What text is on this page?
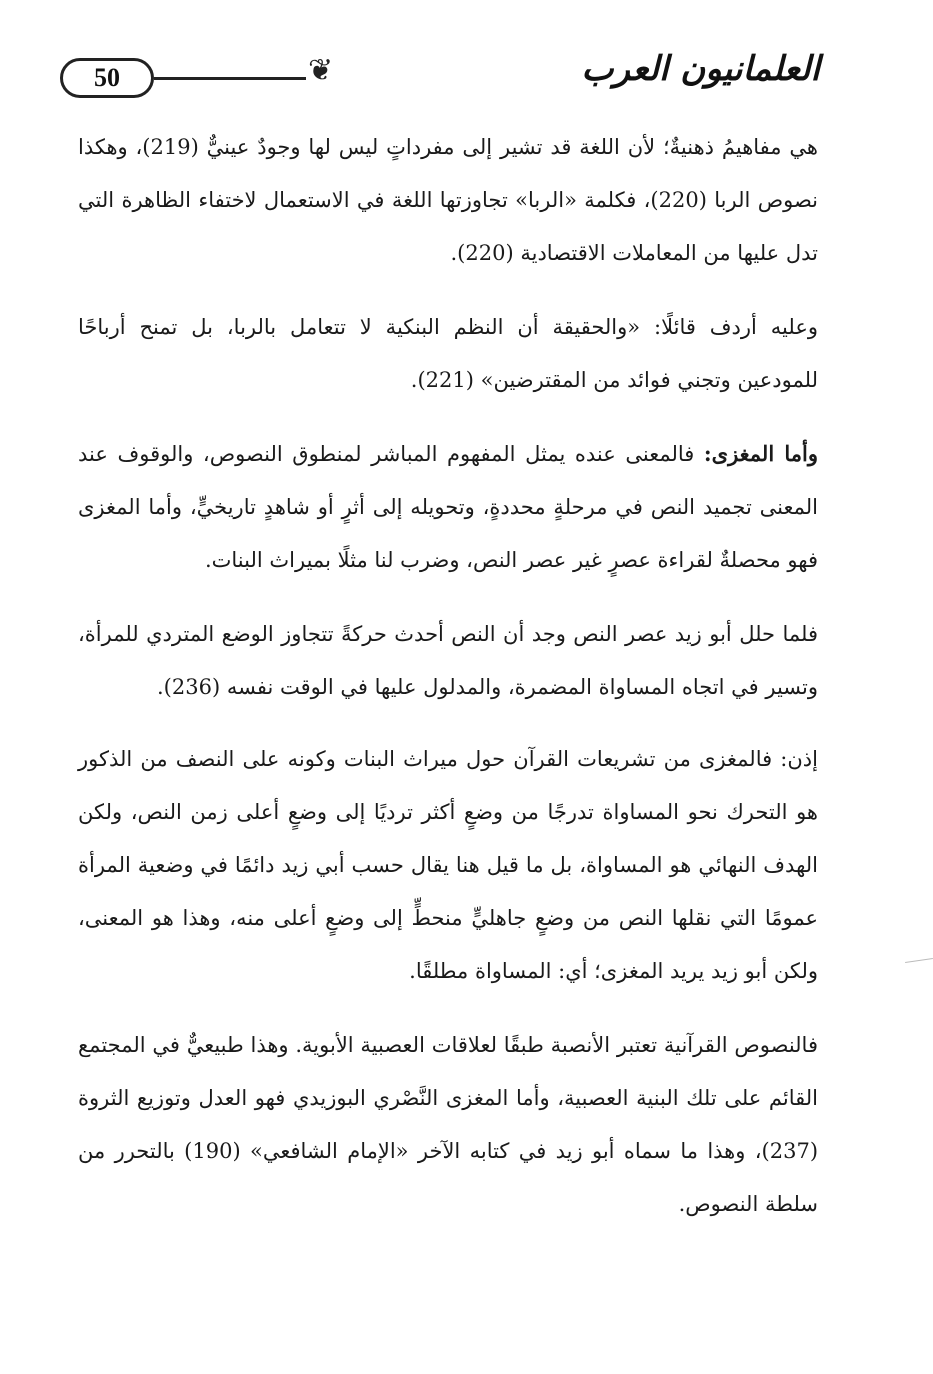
50	❦	العلمانيون العرب

هي مفاهيمُ ذهنيةٌ؛ لأن اللغة قد تشير إلى مفرداتٍ ليس لها وجودٌ عينيٌّ (219)، وهكذا نصوص الربا (220)، فكلمة «الربا» تجاوزتها اللغة في الاستعمال لاختفاء الظاهرة التي تدل عليها من المعاملات الاقتصادية (220).

وعليه أردف قائلًا: «والحقيقة أن النظم البنكية لا تتعامل بالربا، بل تمنح أرباحًا للمودعين وتجني فوائد من المقترضين» (221).

وأما المغزى: فالمعنى عنده يمثل المفهوم المباشر لمنطوق النصوص، والوقوف عند المعنى تجميد النص في مرحلةٍ محددةٍ، وتحويله إلى أثرٍ أو شاهدٍ تاريخيٍّ، وأما المغزى فهو محصلةٌ لقراءة عصرٍ غير عصر النص، وضرب لنا مثلًا بميراث البنات.

فلما حلل أبو زيد عصر النص وجد أن النص أحدث حركةً تتجاوز الوضع المتردي للمرأة، وتسير في اتجاه المساواة المضمرة، والمدلول عليها في الوقت نفسه (236).

إذن: فالمغزى من تشريعات القرآن حول ميراث البنات وكونه على النصف من الذكور هو التحرك نحو المساواة تدرجًا من وضعٍ أكثر ترديًا إلى وضعٍ أعلى زمن النص، ولكن الهدف النهائي هو المساواة، بل ما قيل هنا يقال حسب أبي زيد دائمًا في وضعية المرأة عمومًا التي نقلها النص من وضعٍ جاهليٍّ منحطٍّ إلى وضعٍ أعلى منه، وهذا هو المعنى، ولكن أبو زيد يريد المغزى؛ أي: المساواة مطلقًا.

فالنصوص القرآنية تعتبر الأنصبة طبقًا لعلاقات العصبية الأبوية. وهذا طبيعيٌّ في المجتمع القائم على تلك البنية العصبية، وأما المغزى النَّصْري البوزيدي فهو العدل وتوزيع الثروة (237)، وهذا ما سماه أبو زيد في كتابه الآخر «الإمام الشافعي» (190) بالتحرر من سلطة النصوص.
